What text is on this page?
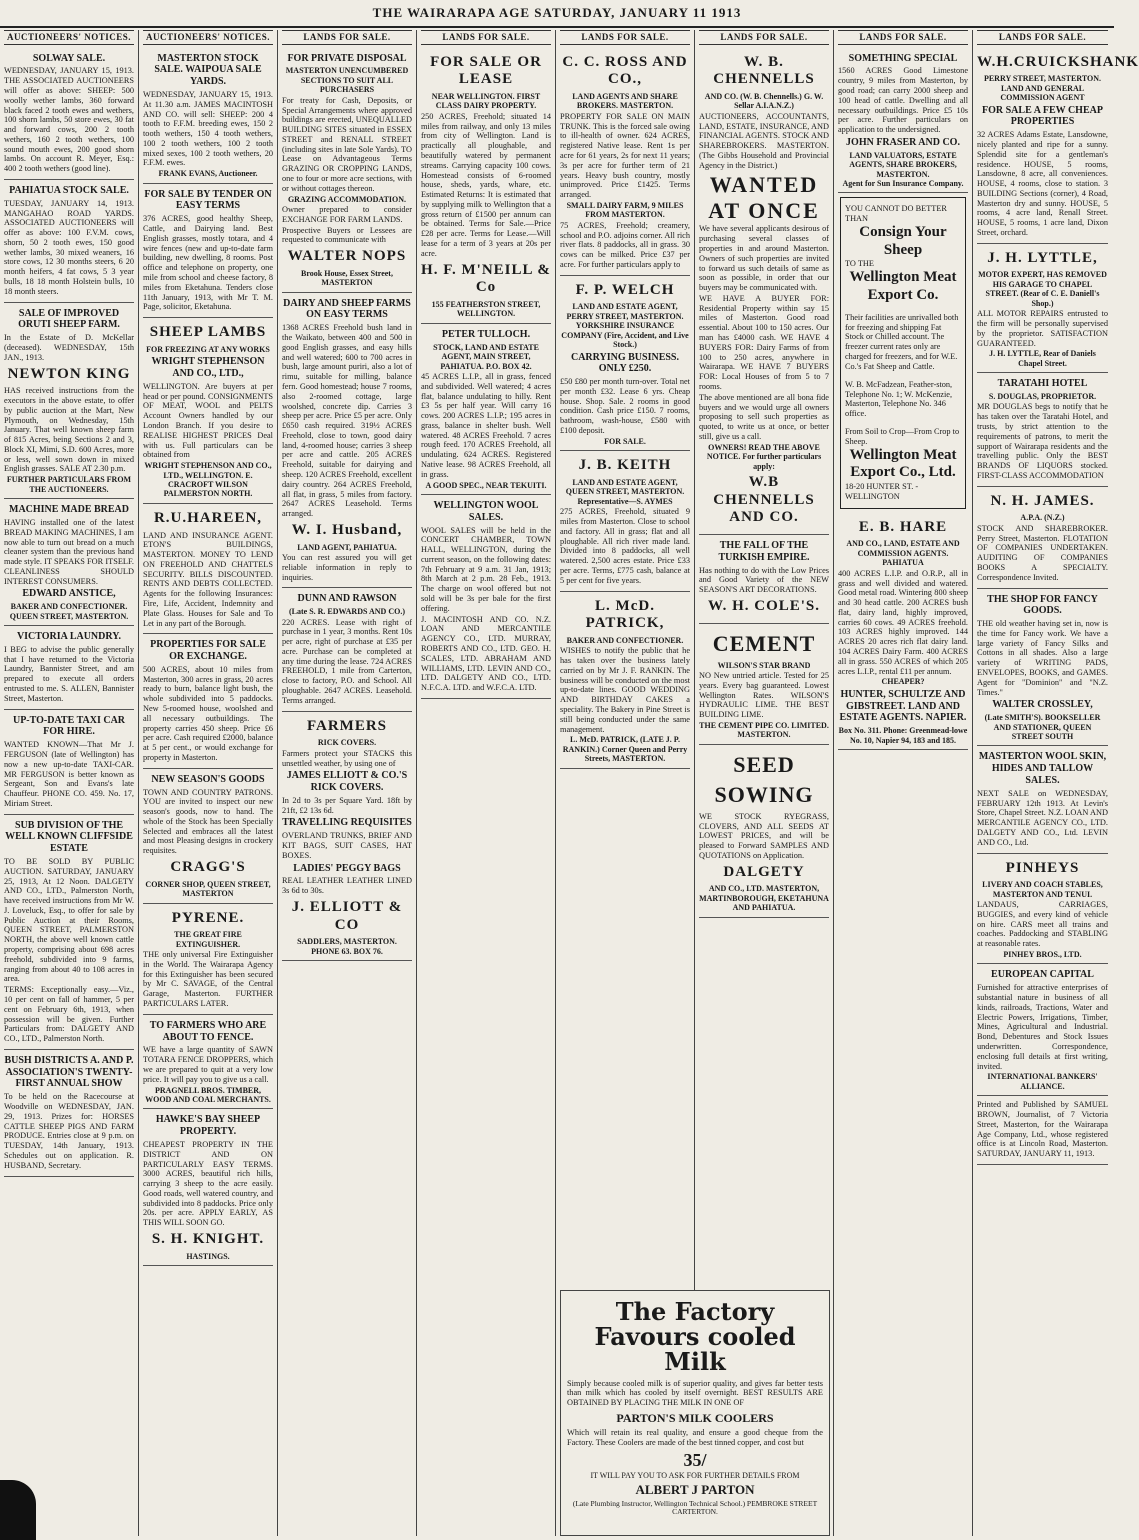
THE WAIRARAPA AGE SATURDAY, JANUARY 11 1913
AUCTIONEERS' NOTICES.
SOLWAY SALE.

WEDNESDAY, JANUARY 15, 1913. THE ASSOCIATED AUCTIONEERS will offer as above: SHEEP: 500 woolly wether lambs, 360 forward black faced 2 tooth ewes and wethers, 100 shorn lambs, 50 store ewes, 30 fat and forward cows, 200 2 tooth wethers, 160 2 tooth wethers, 100 sound mouth ewes, 200 good shorn lambs. On account R. Meyer, Esq.: 400 2 tooth wethers (good line).

PAHIATUA STOCK SALE.

TUESDAY, JANUARY 14, 1913. MANGAHAO ROAD YARDS. ASSOCIATED AUCTIONEERS will offer as above: 100 F.V.M. cows, shorn, 50 2 tooth ewes, 150 good wether lambs, 30 mixed weaners, 16 store cows, 12 30 months steers, 6 20 month heifers, 4 fat cows, 5 3 year bulls, 18 18 month Holstein bulls, 10 18 month steers.

SALE OF IMPROVED ORUTI SHEEP FARM.

In the Estate of D. McKellar (deceased). WEDNESDAY, 15th JAN., 1913.

NEWTON KING

HAS received instructions from the executors in the above estate, to offer by public auction at the Mart, New Plymouth, on Wednesday, 15th January. That well known sheep farm of 815 Acres, being Sections 2 and 3, Block XI, Mimi, S.D. 600 Acres, more or less, well sown down in mixed English grasses. SALE AT 2.30 p.m.

FURTHER PARTICULARS FROM THE AUCTIONEERS.
MACHINE MADE BREAD

HAVING installed one of the latest BREAD MAKING MACHINES, I am now able to turn out bread on a much cleaner system than the previous hand made style. IT SPEAKS FOR ITSELF. CLEANLINESS SHOULD INTEREST CONSUMERS.

EDWARD ANSTICE,
BAKER AND CONFECTIONER.
QUEEN STREET, MASTERTON.
VICTORIA LAUNDRY.

I BEG to advise the public generally that I have returned to the Victoria Laundry, Bannister Street, and am prepared to execute all orders entrusted to me. S. ALLEN, Bannister Street, Masterton.

UP-TO-DATE TAXI CAR FOR HIRE.

WANTED KNOWN—That Mr J. FERGUSON (late of Wellington) has now a new up-to-date TAXI-CAR. MR FERGUSON is better known as Sergeant, Son and Evans's late Chauffeur. PHONE CO. 459. No. 17, Miriam Street.

SUB DIVISION OF THE WELL KNOWN CLIFFSIDE ESTATE

TO BE SOLD BY PUBLIC AUCTION. SATURDAY, JANUARY 25, 1913, At 12 Noon. DALGETY AND CO., LTD., Palmerston North, have received instructions from Mr W. J. Loveluck, Esq., to offer for sale by Public Auction at their Rooms, QUEEN STREET, PALMERSTON NORTH, the above well known cattle property, comprising about 698 acres freehold, subdivided into 9 farms, ranging from about 40 to 108 acres in area.

TERMS: Exceptionally easy.—Viz., 10 per cent on fall of hammer, 5 per cent on February 6th, 1913, when possession will be given. Further Particulars from: DALGETY AND CO., LTD., Palmerston North.

BUSH DISTRICTS A. AND P. ASSOCIATION'S TWENTY-FIRST ANNUAL SHOW

To be held on the Racecourse at Woodville on WEDNESDAY, JAN. 29, 1913. Prizes for: HORSES CATTLE SHEEP PIGS AND FARM PRODUCE. Entries close at 9 p.m. on TUESDAY, 14th January, 1913. Schedules out on application. R. HUSBAND, Secretary.

AUCTIONEERS' NOTICES.
MASTERTON STOCK SALE. WAIPOUA SALE YARDS.

WEDNESDAY, JANUARY 15, 1913. At 11.30 a.m. JAMES MACINTOSH AND CO. will sell: SHEEP: 200 4 tooth to F.F.M. breeding ewes, 150 2 tooth wethers, 150 4 tooth wethers, 100 2 tooth wethers, 100 2 tooth mixed sexes, 100 2 tooth wethers, 20 F.F.M. ewes.

FRANK EVANS, Auctioneer.
FOR SALE BY TENDER ON EASY TERMS

376 ACRES, good healthy Sheep, Cattle, and Dairying land. Best English grasses, mostly totara, and 4 wire fences (new and up-to-date farm building, new dwelling, 8 rooms. Post office and telephone on property, one mile from school and cheese factory, 8 miles from Eketahuna. Tenders close 11th January, 1913, with Mr T. M. Page, solicitor, Eketahuna.

SHEEP LAMBS
FOR FREEZING AT ANY WORKS
WRIGHT STEPHENSON AND CO., LTD.,

WELLINGTON. Are buyers at per head or per pound. CONSIGNMENTS OF MEAT, WOOL and PELTS Account Owners handled by our London Branch. If you desire to REALISE HIGHEST PRICES Deal with us. Full particulars can be obtained from

WRIGHT STEPHENSON AND CO., LTD., WELLINGTON. E. CRACROFT WILSON PALMERSTON NORTH.
R.U.HAREEN,

LAND AND INSURANCE AGENT. ETON'S BUILDINGS, MASTERTON. MONEY TO LEND ON FREEHOLD AND CHATTELS SECURITY. BILLS DISCOUNTED. RENTS AND DEBTS COLLECTED. Agents for the following Insurances: Fire, Life, Accident, Indemnity and Plate Glass. Houses for Sale and To Let in any part of the Borough.

PROPERTIES FOR SALE OR EXCHANGE.

500 ACRES, about 10 miles from Masterton, 300 acres in grass, 20 acres ready to burn, balance light bush, the whole subdivided into 5 paddocks. New 5-roomed house, woolshed and all necessary outbuildings. The property carries 450 sheep. Price £6 per acre. Cash required £2000, balance at 5 per cent., or would exchange for property in Masterton.

NEW SEASON'S GOODS

TOWN AND COUNTRY PATRONS. YOU are invited to inspect our new season's goods, now to hand. The whole of the Stock has been Specially Selected and embraces all the latest and most Pleasing designs in crockery requisites.

CRAGG'S
CORNER SHOP, QUEEN STREET, MASTERTON
PYRENE.
THE GREAT FIRE EXTINGUISHER.

THE only universal Fire Extinguisher in the World. The Wairarapa Agency for this Extinguisher has been secured by Mr C. SAVAGE, of the Central Garage, Masterton. FURTHER PARTICULARS LATER.

TO FARMERS WHO ARE ABOUT TO FENCE.

WE have a large quantity of SAWN TOTARA FENCE DROPPERS, which we are prepared to quit at a very low price. It will pay you to give us a call.

PRAGNELL BROS. TIMBER, WOOD AND COAL MERCHANTS.
HAWKE'S BAY SHEEP PROPERTY.

CHEAPEST PROPERTY IN THE DISTRICT AND ON PARTICULARLY EASY TERMS. 3000 ACRES, beautiful rich hills, carrying 3 sheep to the acre easily. Good roads, well watered country, and subdivided into 8 paddocks. Price only 20s. per acre. APPLY EARLY, AS THIS WILL SOON GO.

S. H. KNIGHT.
HASTINGS.
LANDS FOR SALE.
FOR PRIVATE DISPOSAL
MASTERTON UNENCUMBERED SECTIONS TO SUIT ALL PURCHASERS

For treaty for Cash, Deposits, or Special Arrangements where approved buildings are erected, UNEQUALLED BUILDING SITES situated in ESSEX STREET and RENALL STREET (including sites in late Sole Yards). TO Lease on Advantageous Terms GRAZING OR CROPPING LANDS, one to four or more acre sections, with or without cottages thereon.

GRAZING ACCOMMODATION.

Owner prepared to consider EXCHANGE FOR FARM LANDS.

Prospective Buyers or Lessees are requested to communicate with

WALTER NOPS
Brook House, Essex Street, MASTERTON
DAIRY AND SHEEP FARMS ON EASY TERMS

1368 ACRES Freehold bush land in the Waikato, between 400 and 500 in good English grasses, and easy hills and well watered; 600 to 700 acres in bush, large amount puriri, also a lot of rimu, suitable for milling, balance fern. Good homestead; house 7 rooms, also 2-roomed cottage, large woolshed, concrete dip. Carries 3 sheep per acre. Price £5 per acre. Only £650 cash required. 319½ ACRES Freehold, close to town, good dairy land, 4-roomed house; carries 3 sheep per acre and cattle. 205 ACRES Freehold, suitable for dairying and sheep. 120 ACRES Freehold, excellent dairy country. 264 ACRES Freehold, all flat, in grass, 5 miles from factory. 2647 ACRES Leasehold. Terms arranged.

W. I. Husband,
LAND AGENT, PAHIATUA.

You can rest assured you will get reliable information in reply to inquiries.

DUNN AND RAWSON
(Late S. R. EDWARDS AND CO.)

220 ACRES. Lease with right of purchase in 1 year, 3 months. Rent 10s per acre, right of purchase at £35 per acre. Purchase can be completed at any time during the lease. 724 ACRES FREEHOLD, 1 mile from Carterton, close to factory, P.O. and School. All ploughable. 2647 ACRES. Leasehold. Terms arranged.

FARMERS
RICK COVERS.

Farmers protect your STACKS this unsettled weather, by using one of

JAMES ELLIOTT & CO.'S RICK COVERS.

In 2d to 3s per Square Yard. 18ft by 21ft, £2 13s 6d.

TRAVELLING REQUISITES

OVERLAND TRUNKS, BRIEF AND KIT BAGS, SUIT CASES, HAT BOXES.

LADIES' PEGGY BAGS

REAL LEATHER LEATHER LINED 3s 6d to 30s.

J. ELLIOTT & CO
SADDLERS, MASTERTON. PHONE 63. BOX 76.
LANDS FOR SALE.
FOR SALE OR LEASE
NEAR WELLINGTON. FIRST CLASS DAIRY PROPERTY.

250 ACRES, Freehold; situated 14 miles from railway, and only 13 miles from city of Wellington. Land is practically all ploughable, and beautifully watered by permanent streams. Carrying capacity 100 cows. Homestead consists of 6-roomed house, sheds, yards, whare, etc. Estimated Returns: It is estimated that by supplying milk to Wellington that a gross return of £1500 per annum can be obtained. Terms for Sale.—Price £28 per acre. Terms for Lease.—Will lease for a term of 3 years at 20s per acre.

H. F. M'NEILL & Co
155 FEATHERSTON STREET, WELLINGTON.
PETER TULLOCH.
STOCK, LAND AND ESTATE AGENT, MAIN STREET, PAHIATUA. P.O. BOX 42.

45 ACRES L.I.P., all in grass, fenced and subdivided. Well watered; 4 acres flat, balance undulating to hilly. Rent £3 5s per half year. Will carry 16 cows. 200 ACRES L.I.P.; 195 acres in grass, balance in shelter bush. Well watered. 48 ACRES Freehold. 7 acres rough feed. 170 ACRES Freehold, all undulating. 624 ACRES. Registered Native lease. 98 ACRES Freehold, all in grass.

A GOOD SPEC., NEAR TEKUITI.
WELLINGTON WOOL SALES.

WOOL SALES will be held in the CONCERT CHAMBER, TOWN HALL, WELLINGTON, during the current season, on the following dates: 7th February at 9 a.m. 31 Jan, 1913; 8th March at 2 p.m. 28 Feb., 1913. The charge on wool offered but not sold will be 3s per bale for the first offering.

J. MACINTOSH AND CO. N.Z. LOAN AND MERCANTILE AGENCY CO., LTD. MURRAY, ROBERTS AND CO., LTD. GEO. H. SCALES, LTD. ABRAHAM AND WILLIAMS, LTD. LEVIN AND CO., LTD. DALGETY AND CO., LTD. N.F.C.A. LTD. and W.F.C.A. LTD.

LANDS FOR SALE.
C. C. ROSS AND CO.,
LAND AGENTS AND SHARE BROKERS. MASTERTON.

PROPERTY FOR SALE ON MAIN TRUNK. This is the forced sale owing to ill-health of owner. 624 ACRES, registered Native lease. Rent 1s per acre for 61 years, 2s for next 11 years; 3s per acre for further term of 21 years. Heavy bush country, mostly unimproved. Price £1425. Terms arranged.

SMALL DAIRY FARM, 9 MILES FROM MASTERTON.

75 ACRES, Freehold; creamery, school and P.O. adjoins corner. All rich river flats. 8 paddocks, all in grass. 30 cows can be milked. Price £37 per acre. For further particulars apply to

F. P. WELCH
LAND AND ESTATE AGENT, PERRY STREET, MASTERTON. YORKSHIRE INSURANCE COMPANY (Fire, Accident, and Live Stock.)
CARRYING BUSINESS. ONLY £250.

£50 £80 per month turn-over. Total net per month £32. Lease 6 yrs. Cheap house. Shop. Sale. 2 rooms in good condition. Cash price £150. 7 rooms, bathroom, wash-house, £580 with £100 deposit.

FOR SALE.
J. B. KEITH
LAND AND ESTATE AGENT, QUEEN STREET, MASTERTON. Representative—S. AYMES

275 ACRES, Freehold, situated 9 miles from Masterton. Close to school and factory. All in grass; flat and all ploughable. All rich river made land. Divided into 8 paddocks, all well watered. 2,500 acres estate. Price £33 per acre. Terms, £775 cash, balance at 5 per cent for five years.

L. McD. PATRICK,
BAKER AND CONFECTIONER.

WISHES to notify the public that he has taken over the business lately carried on by Mr J. F. RANKIN. The business will be conducted on the most up-to-date lines. GOOD WEDDING AND BIRTHDAY CAKES a speciality. The Bakery in Pine Street is still being conducted under the same management.

L. McD. PATRICK, (LATE J. P. RANKIN.) Corner Queen and Perry Streets, MASTERTON.
LANDS FOR SALE.
W. B. CHENNELLS
AND CO. (W. B. Chennells.) G. W. Sellar A.I.A.N.Z.)

AUCTIONEERS, ACCOUNTANTS, LAND, ESTATE, INSURANCE, AND FINANCIAL AGENTS. STOCK AND SHAREBROKERS. MASTERTON. (The Gibbs Household and Provincial Agency in the District.)

WANTED
AT ONCE

We have several applicants desirous of purchasing several classes of properties in and around Masterton. Owners of such properties are invited to forward us such details of same as soon as possible, in order that our buyers may be communicated with.

WE HAVE A BUYER FOR: Residential Property within say 15 miles of Masterton. Good road essential. About 100 to 150 acres. Our man has £4000 cash. WE HAVE 4 BUYERS FOR: Dairy Farms of from 100 to 250 acres, anywhere in Wairarapa. WE HAVE 7 BUYERS FOR: Local Houses of from 5 to 7 rooms.

The above mentioned are all bona fide buyers and we would urge all owners proposing to sell such properties as quoted, to write us at once, or better still, give us a call.

OWNERS! READ THE ABOVE NOTICE. For further particulars apply:
W.B CHENNELLS AND CO.
THE FALL OF THE TURKISH EMPIRE.

Has nothing to do with the Low Prices and Good Variety of the NEW SEASON'S ART DECORATIONS.

W. H. COLE'S.
CEMENT
WILSON'S STAR BRAND

NO New untried article. Tested for 25 years. Every bag guaranteed. Lowest Wellington Rates. WILSON'S HYDRAULIC LIME. THE BEST BUILDING LIME.

THE CEMENT PIPE CO. LIMITED. MASTERTON.
SEED
SOWING

WE STOCK RYEGRASS, CLOVERS, AND ALL SEEDS AT LOWEST PRICES, and will be pleased to Forward SAMPLES AND QUOTATIONS on Application.

DALGETY
AND CO., LTD. MASTERTON, MARTINBOROUGH, EKETAHUNA AND PAHIATUA.
LANDS FOR SALE.
SOMETHING SPECIAL

1560 ACRES Good Limestone country, 9 miles from Masterton, by good road; can carry 2000 sheep and 100 head of cattle. Dwelling and all necessary outbuildings. Price £5 10s per acre. Further particulars on application to the undersigned.

JOHN FRASER AND CO.
LAND VALUATORS, ESTATE AGENTS, SHARE BROKERS, MASTERTON.
Agent for Sun Insurance Company.
YOU CANNOT DO BETTER THAN
Consign Your Sheep
TO THE
Wellington Meat Export Co.

Their facilities are unrivalled both for freezing and shipping Fat Stock or Chilled account. The freezer current rates only are charged for freezers, and for W.E. Co.'s Fat Sheep and Cattle.

W. B. McFadzean, Feather-ston, Telephone No. 1; W. McKenzie, Masterton, Telephone No. 346 office.

From Soil to Crop—From Crop to Sheep.
Wellington Meat Export Co., Ltd.
18-20 HUNTER ST. - WELLINGTON
E. B. HARE
AND CO., LAND, ESTATE AND COMMISSION AGENTS. PAHIATUA

400 ACRES L.I.P. and O.R.P., all in grass and well divided and watered. Good metal road. Wintering 800 sheep and 30 head cattle. 200 ACRES bush flat, dairy land, highly improved, carries 60 cows. 49 ACRES freehold. 103 ACRES highly improved. 144 ACRES 20 acres rich flat dairy land. 104 ACRES Dairy Farm. 400 ACRES all in grass. 550 ACRES of which 205 acres L.I.P., rental £11 per annum.

CHEAPER?
HUNTER, SCHULTZE AND GIBSTREET. LAND AND ESTATE AGENTS. NAPIER.
Box No. 311. Phone: Greenmead-lowe No. 10, Napier 94, 183 and 185.
LANDS FOR SALE.
W.H.CRUICKSHANK
PERRY STREET, MASTERTON. LAND AND GENERAL COMMISSION AGENT
FOR SALE A FEW CHEAP PROPERTIES

32 ACRES Adams Estate, Lansdowne, nicely planted and ripe for a sunny. Splendid site for a gentleman's residence. HOUSE, 5 rooms, Lansdowne, 8 acre, all conveniences. HOUSE, 4 rooms, close to station. 3 BUILDING Sections (corner), 4 Road, Masterton dry and sunny. HOUSE, 5 rooms, 4 acre land, Renall Street. HOUSE, 5 rooms, 1 acre land, Dixon Street, orchard.

J. H. LYTTLE,
MOTOR EXPERT, HAS REMOVED HIS GARAGE TO CHAPEL STREET. (Rear of C. E. Daniell's Shop.)

ALL MOTOR REPAIRS entrusted to the firm will be personally supervised by the proprietor. SATISFACTION GUARANTEED.

J. H. LYTTLE, Rear of Daniels Chapel Street.
TARATAHI HOTEL
S. DOUGLAS, PROPRIETOR.

MR DOUGLAS begs to notify that he has taken over the Taratahi Hotel, and trusts, by strict attention to the requirements of patrons, to merit the support of Wairarapa residents and the travelling public. Only the BEST BRANDS OF LIQUORS stocked. FIRST-CLASS ACCOMMODATION

N. H. JAMES.
A.P.A. (N.Z.)

STOCK AND SHAREBROKER. Perry Street, Masterton. FLOTATION OF COMPANIES UNDERTAKEN. AUDITING OF COMPANIES BOOKS A SPECIALTY. Correspondence Invited.

THE SHOP FOR FANCY GOODS.

THE old weather having set in, now is the time for Fancy work. We have a large variety of Fancy Silks and Cottons in all shades. Also a large variety of WRITING PADS, ENVELOPES, BOOKS, and GAMES. Agent for "Dominion" and "N.Z. Times."

WALTER CROSSLEY,
(Late SMITH'S). BOOKSELLER AND STATIONER, QUEEN STREET SOUTH
MASTERTON WOOL SKIN, HIDES AND TALLOW SALES.

NEXT SALE on WEDNESDAY, FEBRUARY 12th 1913. At Levin's Store, Chapel Street. N.Z. LOAN AND MERCANTILE AGENCY CO., LTD. DALGETY AND CO., Ltd. LEVIN AND CO., Ltd.

PINHEYS
LIVERY AND COACH STABLES, MASTERTON AND TENUI.

LANDAUS, CARRIAGES, BUGGIES, and every kind of vehicle on hire. CARS meet all trains and coaches. Paddocking and STABLING at reasonable rates.

PINHEY BROS., LTD.
EUROPEAN CAPITAL

Furnished for attractive enterprises of substantial nature in business of all kinds, railroads, Tractions, Water and Electric Powers, Irrigations, Timber, Mines, Agricultural and Industrial. Bond, Debentures and Stock Issues underwritten. Correspondence, enclosing full details at first writing, invited.

INTERNATIONAL BANKERS' ALLIANCE.

Printed and Published by SAMUEL BROWN, Journalist, of 7 Victoria Street, Masterton, for the Wairarapa Age Company, Ltd., whose registered office is at Lincoln Road, Masterton. SATURDAY, JANUARY 11, 1913.

The Factory Favours cooled Milk

Simply because cooled milk is of superior quality, and gives far better tests than milk which has cooled by itself overnight. BEST RESULTS ARE OBTAINED BY PLACING THE MILK IN ONE OF

PARTON'S MILK COOLERS

Which will retain its real quality, and ensure a good cheque from the Factory. These Coolers are made of the best tinned copper, and cost but

35/
IT WILL PAY YOU TO ASK FOR FURTHER DETAILS FROM
ALBERT J PARTON
(Late Plumbing Instructor, Wellington Technical School.) PEMBROKE STREET CARTERTON.
